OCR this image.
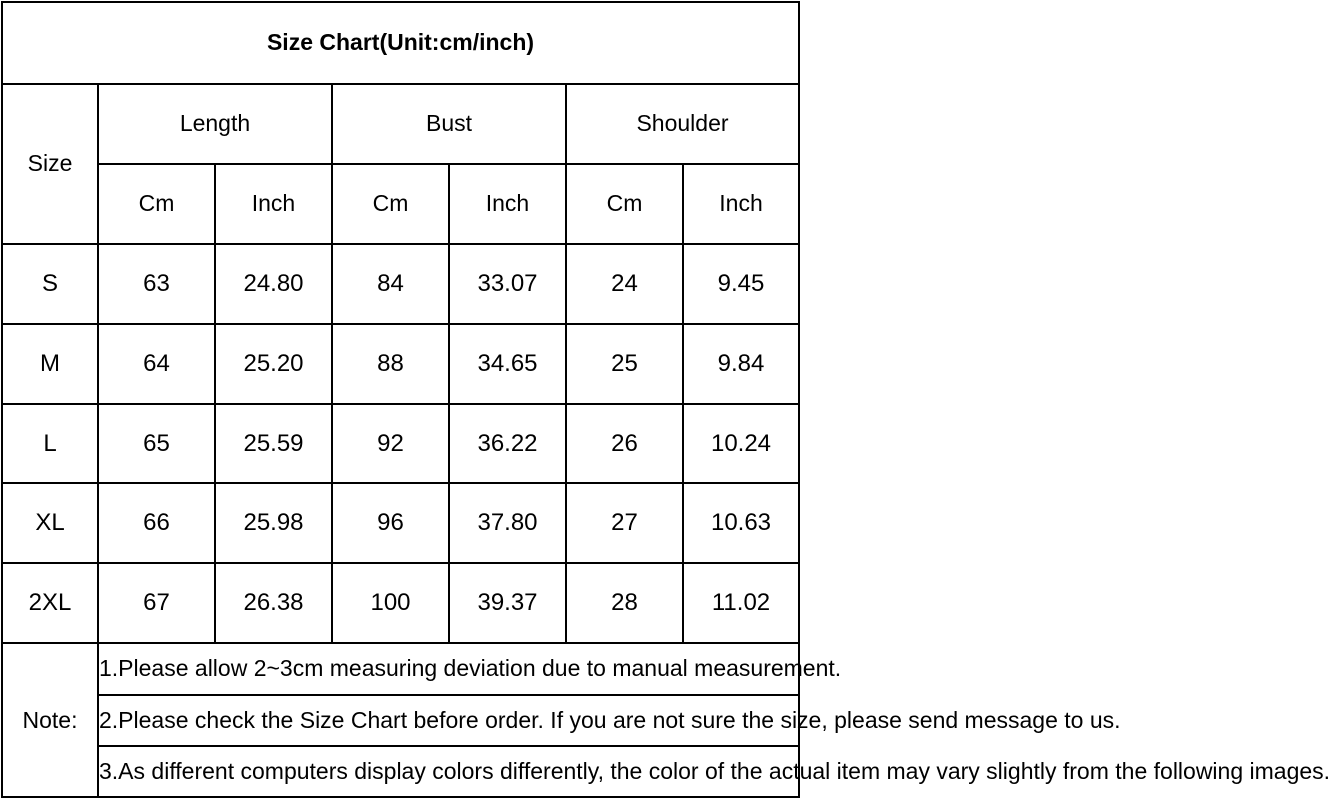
Size Chart(Unit:cm/inch)						
Size	Length		Bust		Shoulder	
	Cm	Inch	Cm	Inch	Cm	Inch
S	63	24.80	84	33.07	24	9.45
M	64	25.20	88	34.65	25	9.84
L	65	25.59	92	36.22	26	10.24
XL	66	25.98	96	37.80	27	10.63
2XL	67	26.38	100	39.37	28	11.02
Note:	1.Please allow 2~3cm measuring deviation due to manual measurement.					
	2.Please check the Size Chart before order. If you are not sure the size, please send message to us.					
	3.As different computers display colors differently, the color of the actual item may vary slightly from the following images.					
